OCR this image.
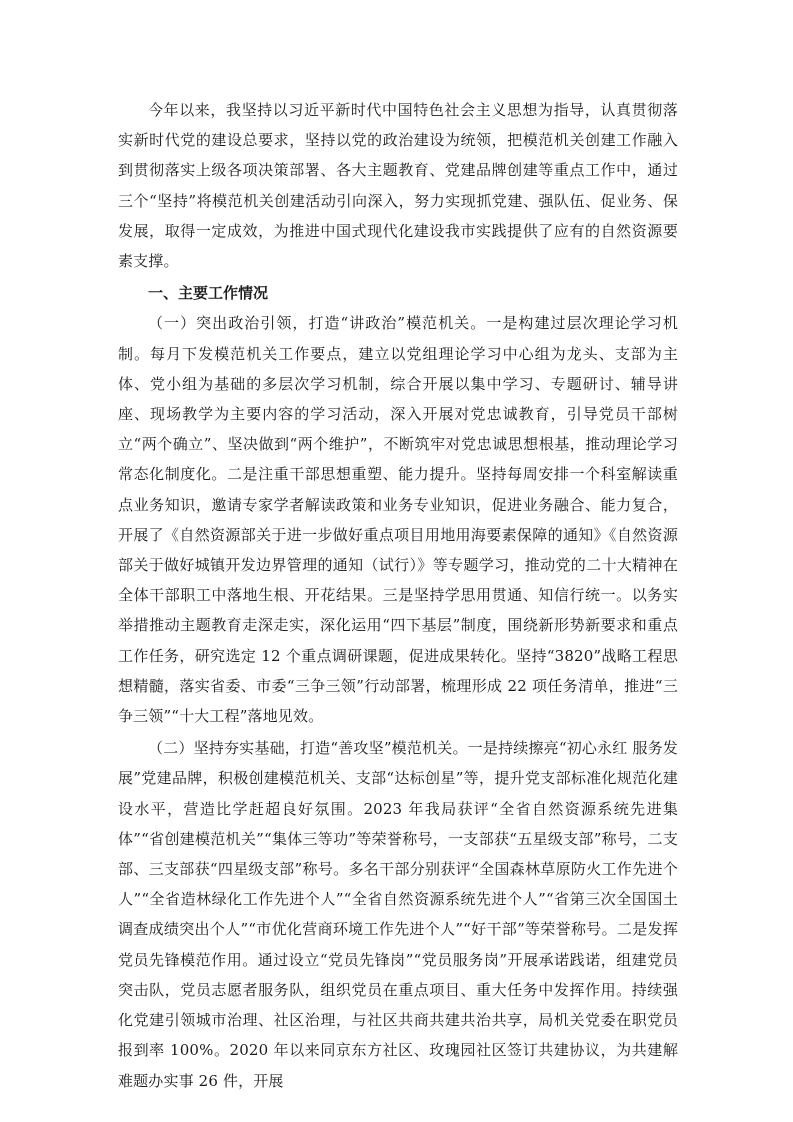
今年以来，我坚持以习近平新时代中国特色社会主义思想为指导，认真贯彻落实新时代党的建设总要求，坚持以党的政治建设为统领，把模范机关创建工作融入到贯彻落实上级各项决策部署、各大主题教育、党建品牌创建等重点工作中，通过三个“坚持”将模范机关创建活动引向深入，努力实现抓党建、强队伍、促业务、保发展，取得一定成效，为推进中国式现代化建设我市实践提供了应有的自然资源要素支撑。

一、主要工作情况

（一）突出政治引领，打造“讲政治”模范机关。一是构建过层次理论学习机制。每月下发模范机关工作要点，建立以党组理论学习中心组为龙头、支部为主体、党小组为基础的多层次学习机制，综合开展以集中学习、专题研讨、辅导讲座、现场教学为主要内容的学习活动，深入开展对党忠诚教育，引导党员干部树立“两个确立”、坚决做到“两个维护”，不断筑牢对党忠诚思想根基，推动理论学习常态化制度化。二是注重干部思想重塑、能力提升。坚持每周安排一个科室解读重点业务知识，邀请专家学者解读政策和业务专业知识，促进业务融合、能力复合，开展了《自然资源部关于进一步做好重点项目用地用海要素保障的通知》《自然资源部关于做好城镇开发边界管理的通知（试行）》等专题学习，推动党的二十大精神在全体干部职工中落地生根、开花结果。三是坚持学思用贯通、知信行统一。以务实举措推动主题教育走深走实，深化运用“四下基层”制度，围绕新形势新要求和重点工作任务，研究选定 12 个重点调研课题，促进成果转化。坚持“3820”战略工程思想精髓，落实省委、市委“三争三领”行动部署，梳理形成 22 项任务清单，推进“三争三领”“十大工程”落地见效。

（二）坚持夯实基础，打造“善攻坚”模范机关。一是持续擦亮“初心永红 服务发展”党建品牌，积极创建模范机关、支部“达标创星”等，提升党支部标准化规范化建设水平，营造比学赶超良好氛围。2023 年我局获评“全省自然资源系统先进集体”“省创建模范机关”“集体三等功”等荣誉称号，一支部获“五星级支部”称号，二支部、三支部获“四星级支部”称号。多名干部分别获评“全国森林草原防火工作先进个人”“全省造林绿化工作先进个人”“全省自然资源系统先进个人”“省第三次全国国土调查成绩突出个人”“市优化营商环境工作先进个人”“好干部”等荣誉称号。二是发挥党员先锋模范作用。通过设立“党员先锋岗”“党员服务岗”开展承诺践诺，组建党员突击队，党员志愿者服务队，组织党员在重点项目、重大任务中发挥作用。持续强化党建引领城市治理、社区治理，与社区共商共建共治共享，局机关党委在职党员报到率 100%。2020 年以来同京东方社区、玫瑰园社区签订共建协议，为共建解难题办实事 26 件，开展
